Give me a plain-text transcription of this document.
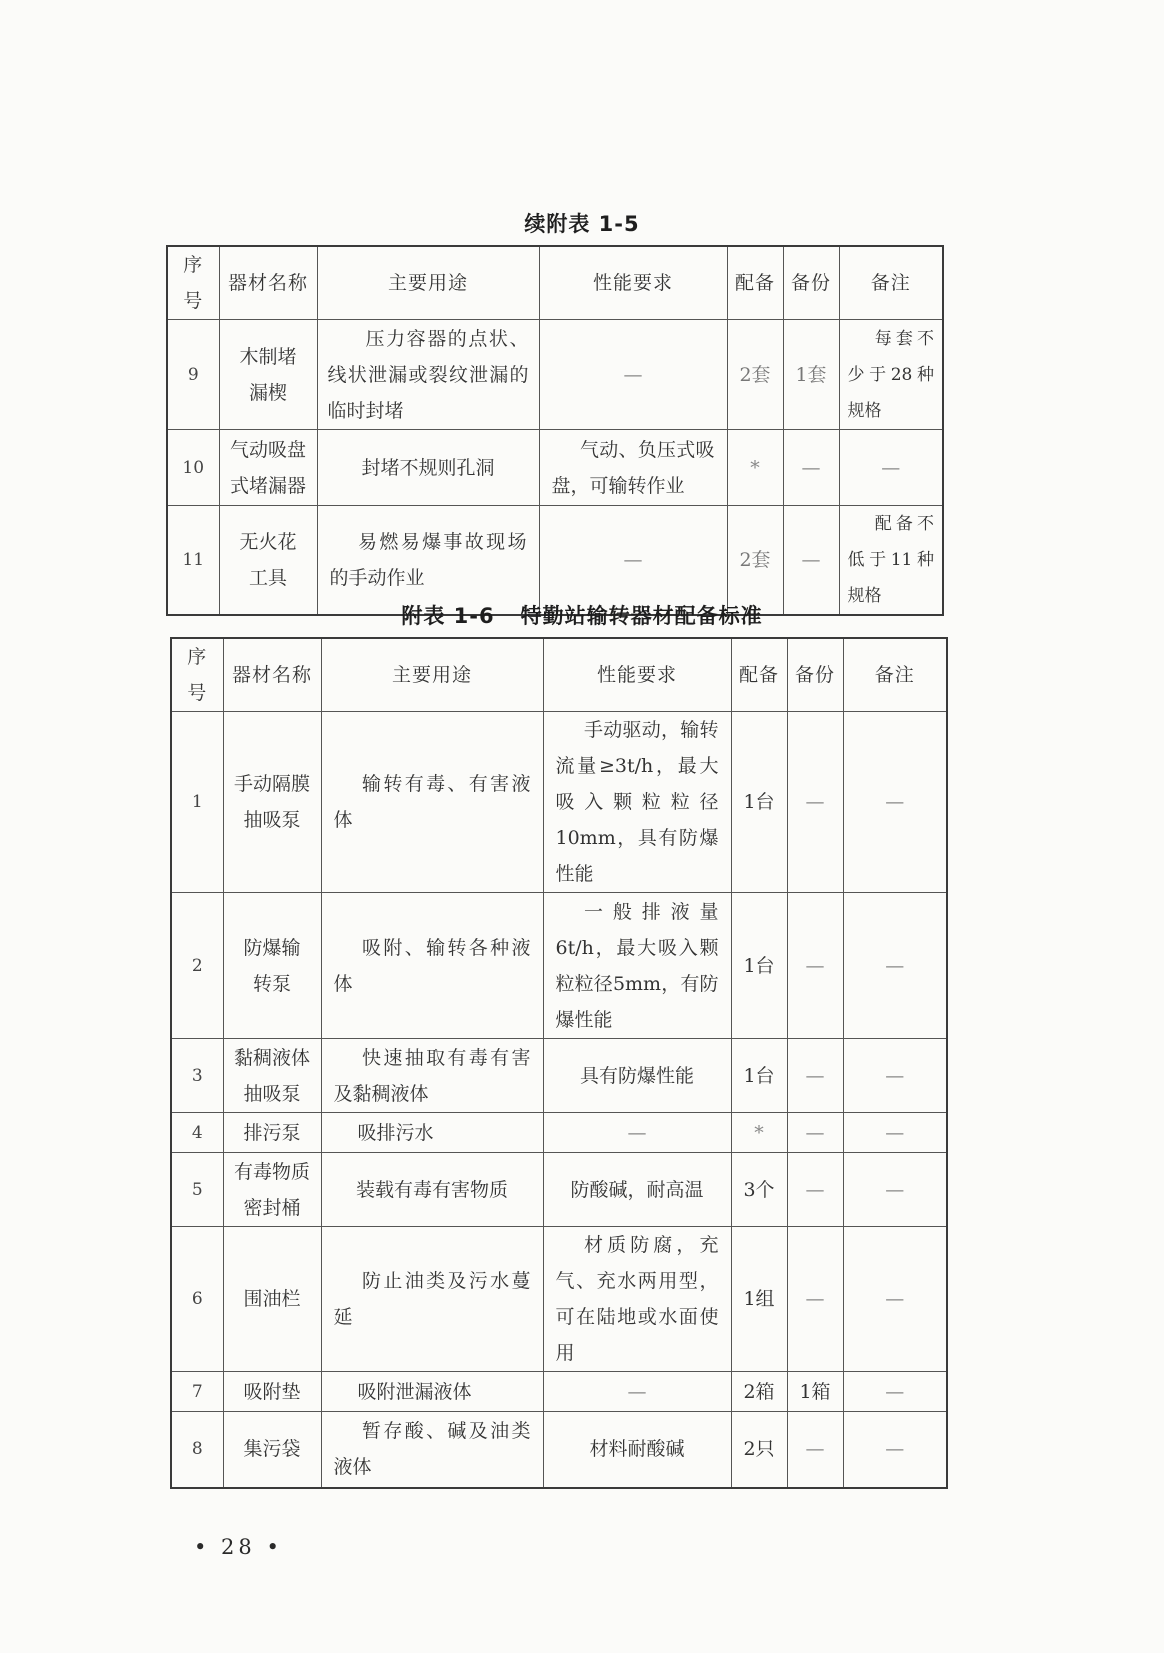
续附表 1-5
序号	器材名称	主要用途	性能要求	配备	备份	备注
9	木制堵漏楔	压力容器的点状、线状泄漏或裂纹泄漏的临时封堵	—	2套	1套	每套不少于28种规格
10	气动吸盘式堵漏器	封堵不规则孔洞	气动、负压式吸盘，可输转作业	*	—	—
11	无火花工具	易燃易爆事故现场的手动作业	—	2套	—	配备不低于11种规格
附表 1-6 特勤站输转器材配备标准
序号	器材名称	主要用途	性能要求	配备	备份	备注
1	手动隔膜抽吸泵	输转有毒、有害液体	手动驱动，输转流量≥3t/h，最大吸入颗粒粒径10mm，具有防爆性能	1台	—	—
2	防爆输转泵	吸附、输转各种液体	一般排液量6t/h，最大吸入颗粒粒径5mm，有防爆性能	1台	—	—
3	黏稠液体抽吸泵	快速抽取有毒有害及黏稠液体	具有防爆性能	1台	—	—
4	排污泵	吸排污水	—	*	—	—
5	有毒物质密封桶	装载有毒有害物质	防酸碱，耐高温	3个	—	—
6	围油栏	防止油类及污水蔓延	材质防腐，充气、充水两用型，可在陆地或水面使用	1组	—	—
7	吸附垫	吸附泄漏液体	—	2箱	1箱	—
8	集污袋	暂存酸、碱及油类液体	材料耐酸碱	2只	—	—
• 28 •
